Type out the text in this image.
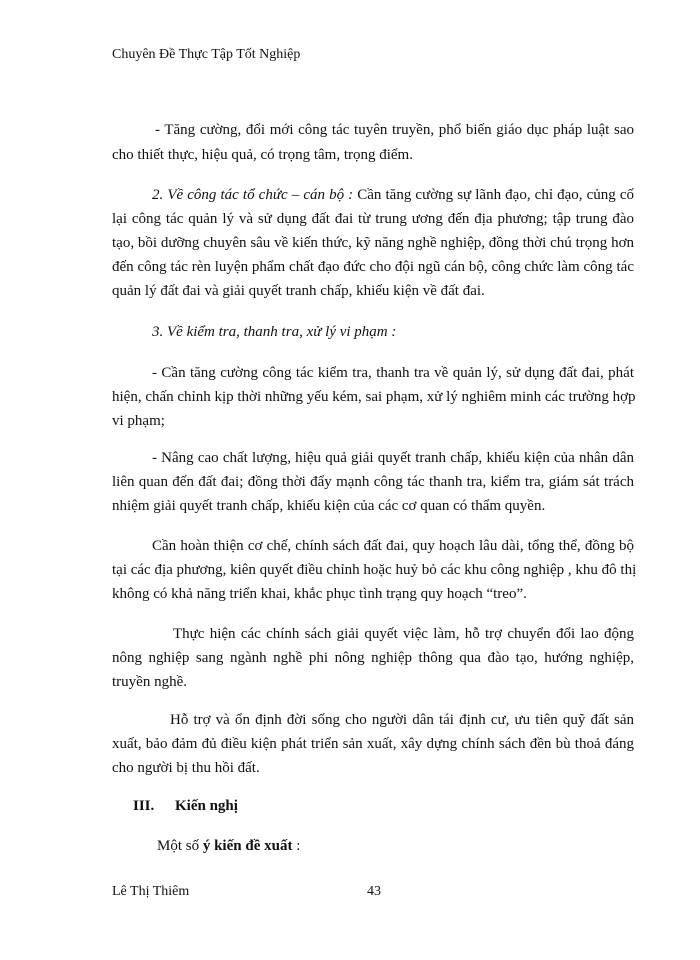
Chuyên Đề Thực Tập Tốt Nghiệp
- Tăng cường, đổi mới công tác tuyên truyền, phổ biến giáo dục pháp luật sao
cho thiết thực, hiệu quả, có trọng tâm, trọng điểm.
2. Về công tác tổ chức – cán bộ : Cần tăng cường sự lãnh đạo, chỉ đạo, củng cố
lại công tác quản lý và sử dụng đất đai từ trung ương đến địa phương; tập trung đào
tạo, bồi dưỡng chuyên sâu về kiến thức, kỹ năng nghề nghiệp, đồng thời chú trọng hơn
đến công tác rèn luyện phẩm chất đạo đức cho đội ngũ cán bộ, công chức làm công tác
quản lý đất đai và giải quyết tranh chấp, khiếu kiện về đất đai.
3. Về kiểm tra, thanh tra, xử lý vi phạm :
- Cần tăng cường công tác kiểm tra, thanh tra về quản lý, sử dụng đất đai, phát
hiện, chấn chỉnh kịp thời những yếu kém, sai phạm, xử lý nghiêm minh các trường hợp
vi phạm;
- Nâng cao chất lượng, hiệu quả giải quyết tranh chấp, khiếu kiện của nhân dân
liên quan đến đất đai; đồng thời đẩy mạnh công tác thanh tra, kiểm tra, giám sát trách
nhiệm giải quyết tranh chấp, khiếu kiện của các cơ quan có thẩm quyền.
Cần hoàn thiện cơ chế, chính sách đất đai, quy hoạch lâu dài, tổng thể, đồng bộ
tại các địa phương, kiên quyết điều chỉnh hoặc huỷ bỏ các khu công nghiệp , khu đô thị
không có khả năng triển khai, khắc phục tình trạng quy hoạch “treo”.
Thực hiện các chính sách giải quyết việc làm, hỗ trợ chuyển đổi lao động
nông nghiệp sang ngành nghề phi nông nghiệp thông qua đào tạo, hướng nghiệp,
truyền nghề.
Hỗ trợ và ổn định đời sống cho người dân tái định cư, ưu tiên quỹ đất sản
xuất, bảo đảm đủ điều kiện phát triển sản xuất, xây dựng chính sách đền bù thoả đáng
cho người bị thu hồi đất.
III.	Kiến nghị
Một số ý kiến đề xuất :
Lê Thị Thiêm	43
